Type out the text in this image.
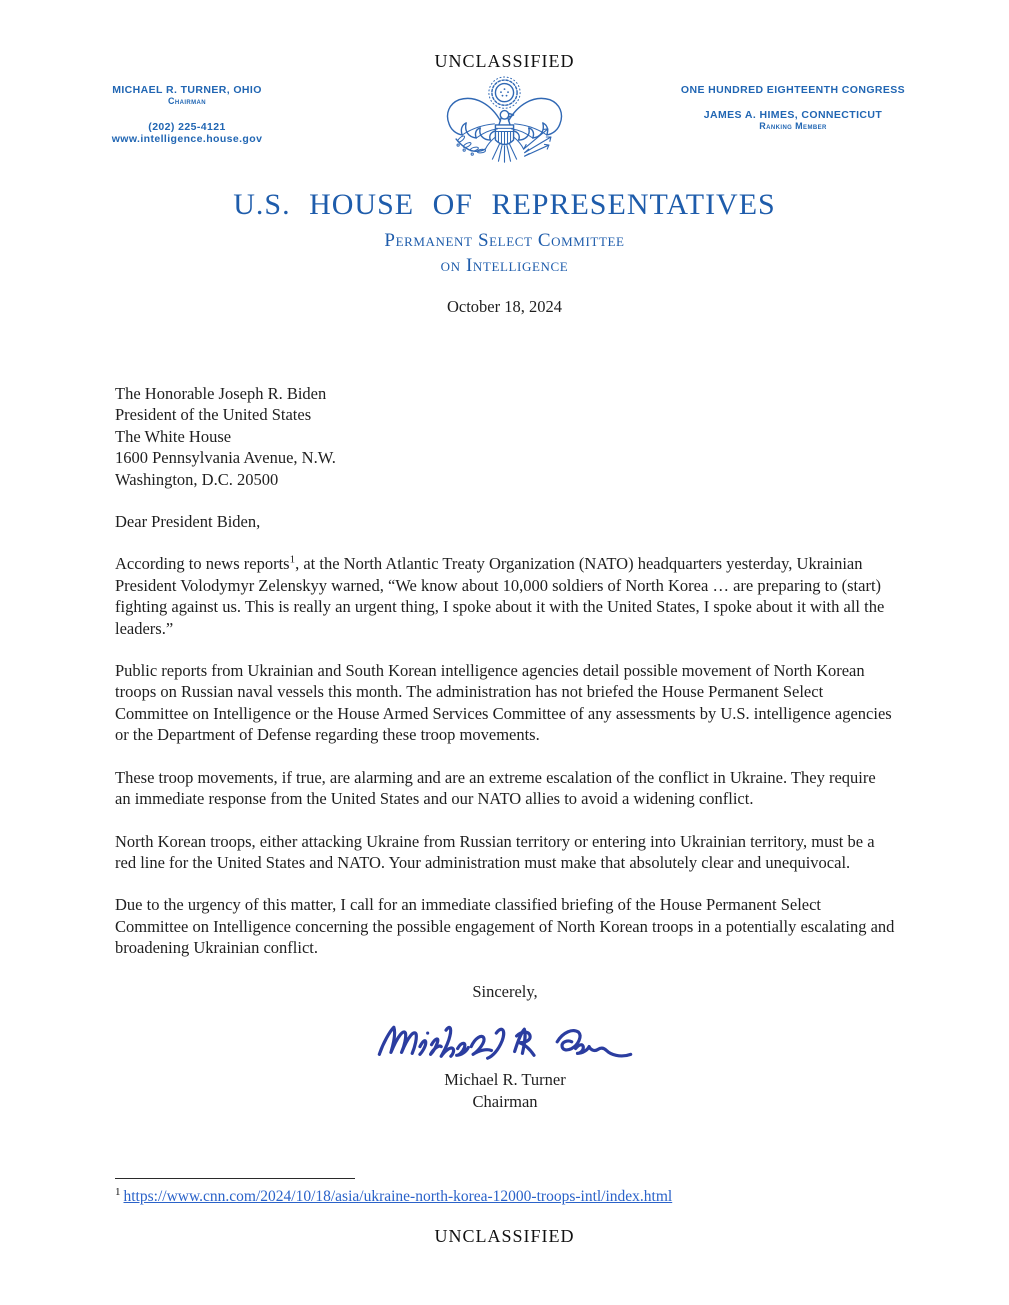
UNCLASSIFIED
MICHAEL R. TURNER, OHIO
Chairman
(202) 225-4121
www.intelligence.house.gov
ONE HUNDRED EIGHTEENTH CONGRESS
JAMES A. HIMES, CONNECTICUT
Ranking Member
U.S. HOUSE OF REPRESENTATIVES
Permanent Select Committee
on Intelligence
October 18, 2024
The Honorable Joseph R. Biden
President of the United States
The White House
1600 Pennsylvania Avenue, N.W.
Washington, D.C. 20500
Dear President Biden,

According to news reports$^1$, at the North Atlantic Treaty Organization (NATO) headquarters yesterday, Ukrainian President Volodymyr Zelenskyy warned, “We know about 10,000 soldiers of North Korea … are preparing to (start) fighting against us. This is really an urgent thing, I spoke about it with the United States, I spoke about it with all the leaders.”

Public reports from Ukrainian and South Korean intelligence agencies detail possible movement of North Korean troops on Russian naval vessels this month. The administration has not briefed the House Permanent Select Committee on Intelligence or the House Armed Services Committee of any assessments by U.S. intelligence agencies or the Department of Defense regarding these troop movements.

These troop movements, if true, are alarming and are an extreme escalation of the conflict in Ukraine. They require an immediate response from the United States and our NATO allies to avoid a widening conflict.

North Korean troops, either attacking Ukraine from Russian territory or entering into Ukrainian territory, must be a red line for the United States and NATO. Your administration must make that absolutely clear and unequivocal.

Due to the urgency of this matter, I call for an immediate classified briefing of the House Permanent Select Committee on Intelligence concerning the possible engagement of North Korean troops in a potentially escalating and broadening Ukrainian conflict.

Sincerely,
Michael R. Turner
Chairman
$^1$ https://www.cnn.com/2024/10/18/asia/ukraine-north-korea-12000-troops-intl/index.html
UNCLASSIFIED
